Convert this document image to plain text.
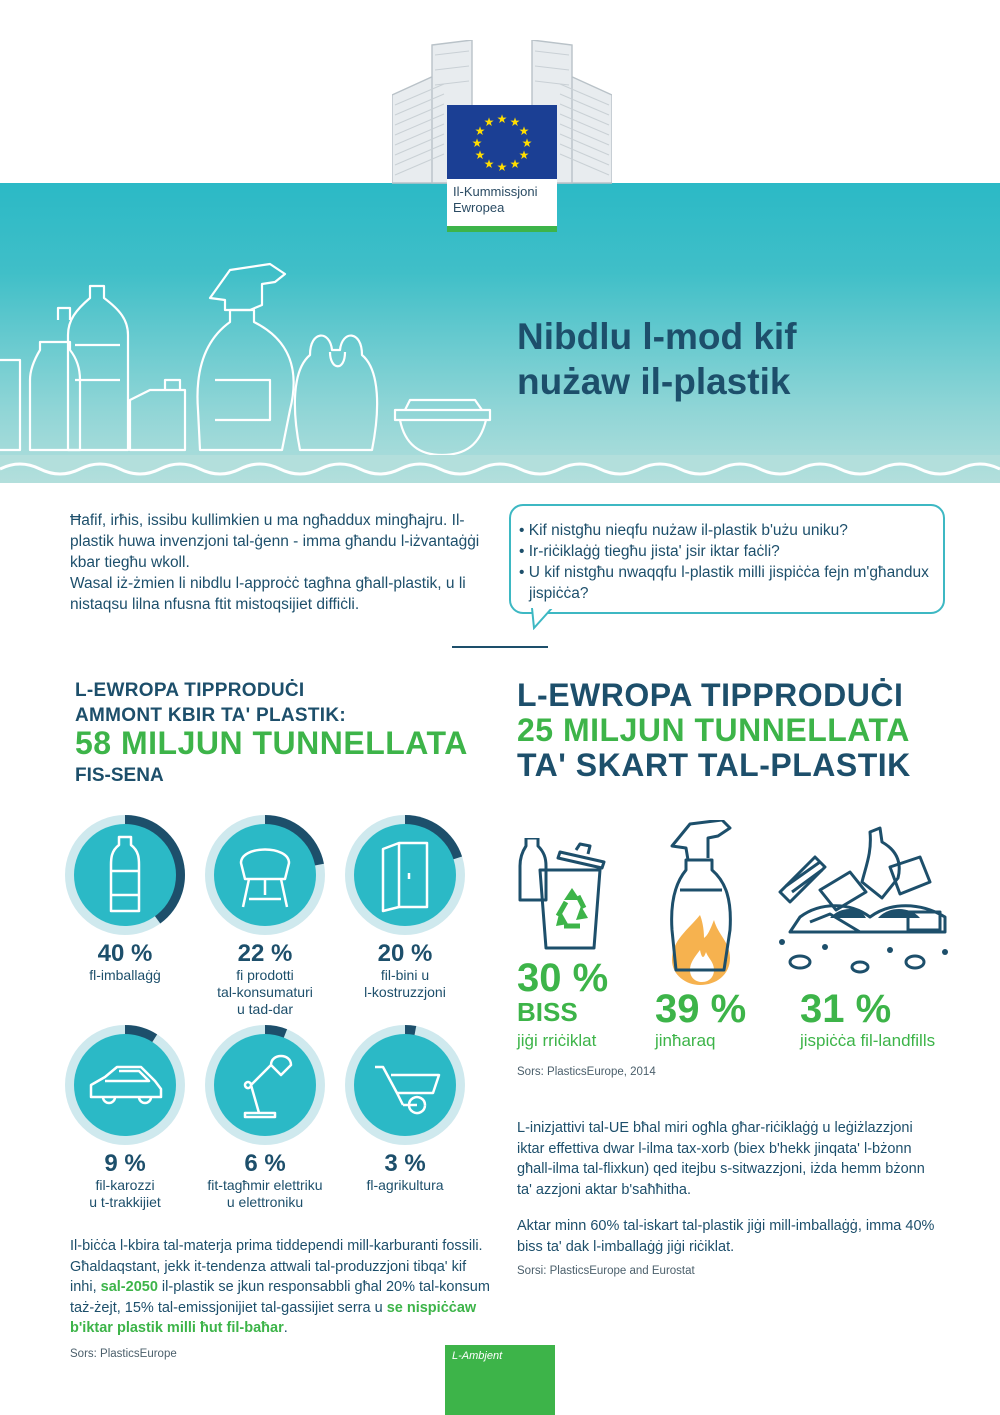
★ ★
★
★
★
★
★
★
★
★
★
★
Il-Kummissjoni
Ewropea
Nibdlu l-mod kif
nużaw il-plastik

Ħafif, irħis, issibu kullimkien u ma ngħaddux mingħajru. Il-plastik huwa invenzjoni tal-ġenn - imma għandu l-iżvantaġġi kbar tiegħu wkoll.

Wasal iż-żmien li nibdlu l-approċċ tagħna għall-plastik, u li nistaqsu lilna nfusna ftit mistoqsijiet diffiċli.

• Kif nistgħu nieqfu nużaw il-plastik b'użu uniku?
• Ir-riċiklaġġ tiegħu jista' jsir iktar faċli?
• U kif nistgħu nwaqqfu l-plastik milli jispiċċa fejn m'għandux jispiċċa?
L-EWROPA TIPPRODUĊI
AMMONT KBIR TA' PLASTIK:
58 MILJUN TUNNELLATA
FIS-SENA
L-EWROPA TIPPRODUĊI
25 MILJUN TUNNELLATA
TA' SKART TAL-PLASTIK
Il-biċċa l-kbira tal-materja prima tiddependi mill-karburanti fossili. Għaldaqstant, jekk it-tendenza attwali tal-produzzjoni tibqa' kif inhi, sal-2050 il-plastik se jkun responsabbli għal 20% tal-konsum taż-żejt, 15% tal-emissjonijiet tal-gassijiet serra u se nispiċċaw b'iktar plastik milli ħut fil-baħar.
Sors: PlasticsEurope
30 %
BISS
jiġi rriċiklat
39 %
jinħaraq
31 %
jispiċċa fil-landfills
Sors: PlasticsEurope, 2014
L-inizjattivi tal-UE bħal miri ogħla għar-riċiklaġġ u leġiżlazzjoni iktar effettiva dwar l-ilma tax-xorb (biex b'hekk jinqata' l-bżonn għall-ilma tal-flixkun) qed itejbu s-sitwazzjoni, iżda hemm bżonn ta' azzjoni aktar b'saħħitha.
Aktar minn 60% tal-iskart tal-plastik jiġi mill-imballaġġ, imma 40% biss ta' dak l-imballaġġ jiġi riċiklat.
Sorsi: PlasticsEurope and Eurostat
L-Ambjent
40 %
fl-imballaġġ
22 %
fi prodotti
tal-konsumaturi
u tad-dar
20 %
fil-bini u
l-kostruzzjoni
9 %
fil-karozzi
u t-trakkijiet
6 %
fit-tagħmir elettriku
u elettroniku
3 %
fl-agrikultura
